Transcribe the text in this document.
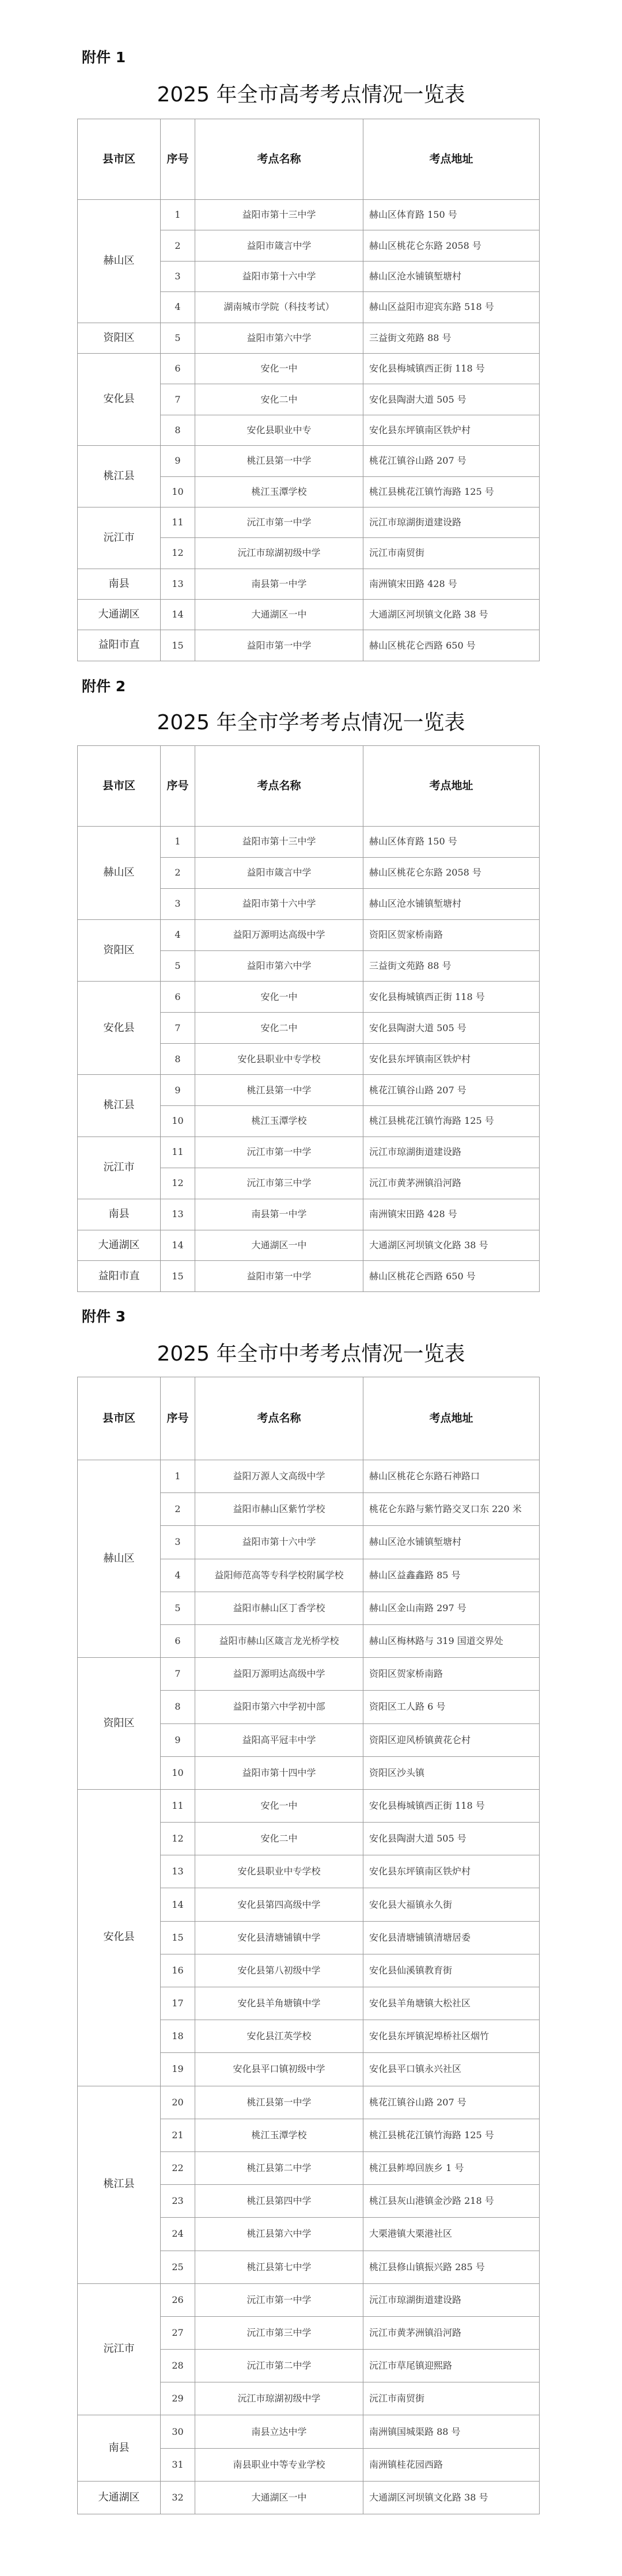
附件 1
2025 年全市高考考点情况一览表
县市区	序号	考点名称	考点地址
赫山区	1	益阳市第十三中学	赫山区体育路 150 号
	2	益阳市箴言中学	赫山区桃花仑东路 2058 号
	3	益阳市第十六中学	赫山区沧水铺镇堑塘村
	4	湖南城市学院（科技考试）	赫山区益阳市迎宾东路 518 号
资阳区	5	益阳市第六中学	三益街文苑路 88 号
安化县	6	安化一中	安化县梅城镇西正街 118 号
	7	安化二中	安化县陶澍大道 505 号
	8	安化县职业中专	安化县东坪镇南区铁炉村
桃江县	9	桃江县第一中学	桃花江镇谷山路 207 号
	10	桃江玉潭学校	桃江县桃花江镇竹海路 125 号
沅江市	11	沅江市第一中学	沅江市琼湖街道建设路
	12	沅江市琼湖初级中学	沅江市南贸街
南县	13	南县第一中学	南洲镇宋田路 428 号
大通湖区	14	大通湖区一中	大通湖区河坝镇文化路 38 号
益阳市直	15	益阳市第一中学	赫山区桃花仑西路 650 号
附件 2
2025 年全市学考考点情况一览表
县市区	序号	考点名称	考点地址
赫山区	1	益阳市第十三中学	赫山区体育路 150 号
	2	益阳市箴言中学	赫山区桃花仑东路 2058 号
	3	益阳市第十六中学	赫山区沧水铺镇堑塘村
资阳区	4	益阳万源明达高级中学	资阳区贺家桥南路
	5	益阳市第六中学	三益街文苑路 88 号
安化县	6	安化一中	安化县梅城镇西正街 118 号
	7	安化二中	安化县陶澍大道 505 号
	8	安化县职业中专学校	安化县东坪镇南区铁炉村
桃江县	9	桃江县第一中学	桃花江镇谷山路 207 号
	10	桃江玉潭学校	桃江县桃花江镇竹海路 125 号
沅江市	11	沅江市第一中学	沅江市琼湖街道建设路
	12	沅江市第三中学	沅江市黄茅洲镇沿河路
南县	13	南县第一中学	南洲镇宋田路 428 号
大通湖区	14	大通湖区一中	大通湖区河坝镇文化路 38 号
益阳市直	15	益阳市第一中学	赫山区桃花仑西路 650 号
附件 3
2025 年全市中考考点情况一览表
县市区	序号	考点名称	考点地址
赫山区	1	益阳万源人文高级中学	赫山区桃花仑东路石神路口
	2	益阳市赫山区紫竹学校	桃花仑东路与紫竹路交叉口东 220 米
	3	益阳市第十六中学	赫山区沧水铺镇堑塘村
	4	益阳师范高等专科学校附属学校	赫山区益鑫鑫路 85 号
	5	益阳市赫山区丁香学校	赫山区金山南路 297 号
	6	益阳市赫山区箴言龙光桥学校	赫山区梅林路与 319 国道交界处
资阳区	7	益阳万源明达高级中学	资阳区贺家桥南路
	8	益阳市第六中学初中部	资阳区工人路 6 号
	9	益阳高平冠丰中学	资阳区迎风桥镇黄花仑村
	10	益阳市第十四中学	资阳区沙头镇
安化县	11	安化一中	安化县梅城镇西正街 118 号
	12	安化二中	安化县陶澍大道 505 号
	13	安化县职业中专学校	安化县东坪镇南区铁炉村
	14	安化县第四高级中学	安化县大福镇永久街
	15	安化县清塘铺镇中学	安化县清塘铺镇清塘居委
	16	安化县第八初级中学	安化县仙溪镇教育街
	17	安化县羊角塘镇中学	安化县羊角塘镇大松社区
	18	安化县江英学校	安化县东坪镇泥埠桥社区烟竹
	19	安化县平口镇初级中学	安化县平口镇永兴社区
桃江县	20	桃江县第一中学	桃花江镇谷山路 207 号
	21	桃江玉潭学校	桃江县桃花江镇竹海路 125 号
	22	桃江县第二中学	桃江县鲊埠回族乡 1 号
	23	桃江县第四中学	桃江县灰山港镇金沙路 218 号
	24	桃江县第六中学	大栗港镇大栗港社区
	25	桃江县第七中学	桃江县修山镇振兴路 285 号
沅江市	26	沅江市第一中学	沅江市琼湖街道建设路
	27	沅江市第三中学	沅江市黄茅洲镇沿河路
	28	沅江市第二中学	沅江市草尾镇迎熙路
	29	沅江市琼湖初级中学	沅江市南贸街
南县	30	南县立达中学	南洲镇国城渠路 88 号
	31	南县职业中等专业学校	南洲镇桂花园西路
大通湖区	32	大通湖区一中	大通湖区河坝镇文化路 38 号
